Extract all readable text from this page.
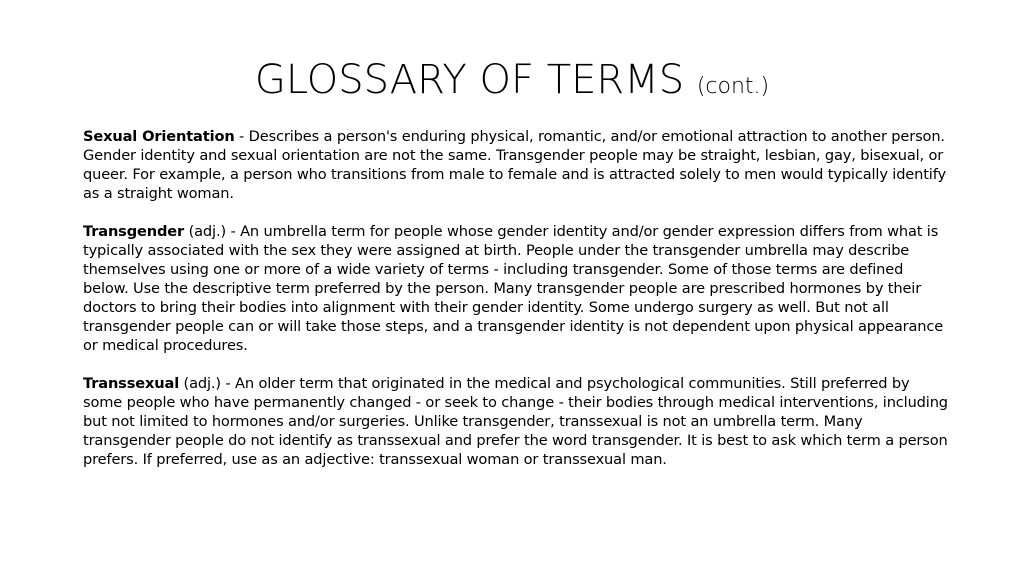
GLOSSARY OF TERMS (cont.)

Sexual Orientation - Describes a person's enduring physical, romantic, and/or emotional attraction to another person. Gender identity and sexual orientation are not the same. Transgender people may be straight, lesbian, gay, bisexual, or queer. For example, a person who transitions from male to female and is attracted solely to men would typically identify as a straight woman.

Transgender (adj.) - An umbrella term for people whose gender identity and/or gender expression differs from what is typically associated with the sex they were assigned at birth. People under the transgender umbrella may describe themselves using one or more of a wide variety of terms - including transgender. Some of those terms are defined below. Use the descriptive term preferred by the person. Many transgender people are prescribed hormones by their doctors to bring their bodies into alignment with their gender identity. Some undergo surgery as well. But not all transgender people can or will take those steps, and a transgender identity is not dependent upon physical appearance or medical procedures.

Transsexual (adj.) - An older term that originated in the medical and psychological communities. Still preferred by some people who have permanently changed - or seek to change - their bodies through medical interventions, including but not limited to hormones and/or surgeries. Unlike transgender, transsexual is not an umbrella term. Many transgender people do not identify as transsexual and prefer the word transgender. It is best to ask which term a person prefers. If preferred, use as an adjective: transsexual woman or transsexual man.
